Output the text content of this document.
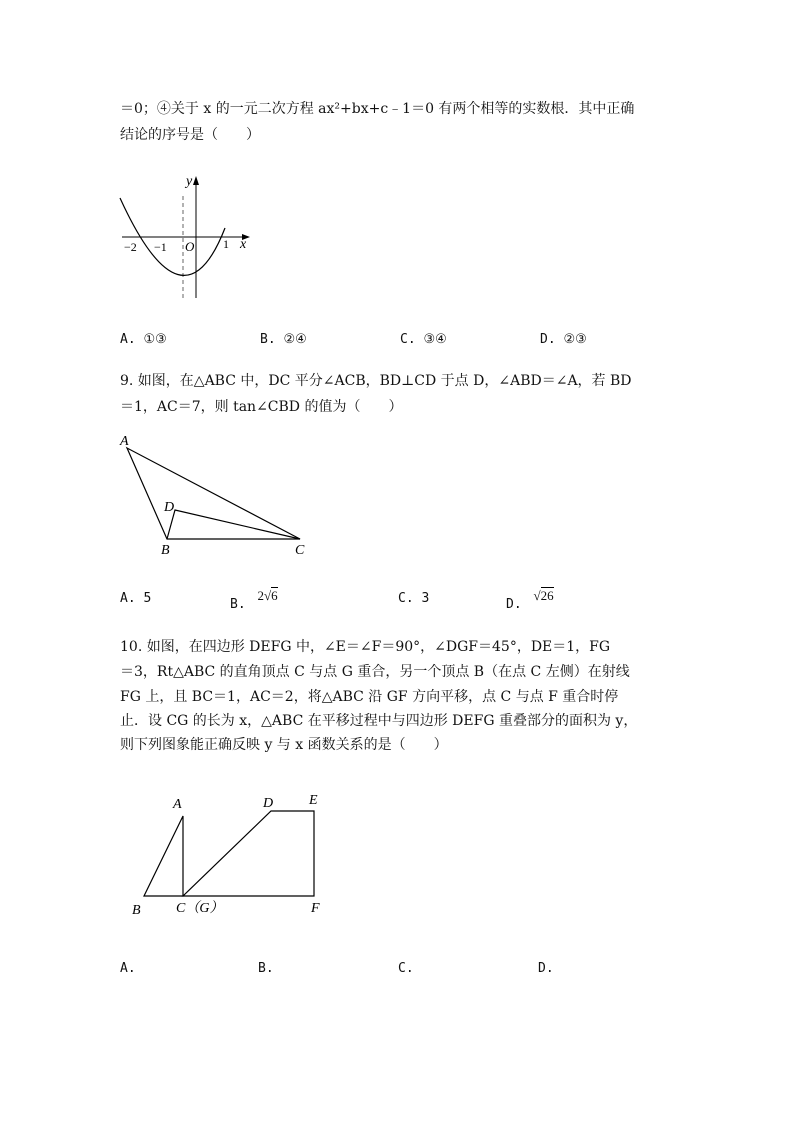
＝0；④关于 x 的一元二次方程 ax²+bx+c﹣1＝0 有两个相等的实数根．其中正确
结论的序号是（　　）
y
x
O
−2 −1	1
A. ①③	B. ②④	C. ③④	D. ②③
9. 如图，在△ABC 中，DC 平分∠ACB，BD⊥CD 于点 D，∠ABD＝∠A，若 BD
＝1，AC＝7，则 tan∠CBD 的值为（　　）
A
B	C
D
A. 5	B. 2√6	C. 3	D. √26
10. 如图，在四边形 DEFG 中，∠E＝∠F＝90°，∠DGF＝45°，DE＝1，FG
＝3，Rt△ABC 的直角顶点 C 与点 G 重合，另一个顶点 B（在点 C 左侧）在射线
FG 上，且 BC＝1，AC＝2，将△ABC 沿 GF 方向平移，点 C 与点 F 重合时停
止．设 CG 的长为 x，△ABC 在平移过程中与四边形 DEFG 重叠部分的面积为 y，
则下列图象能正确反映 y 与 x 函数关系的是（　　）
A
B	C（G）
D	E
F
A.	B.	C.	D.
